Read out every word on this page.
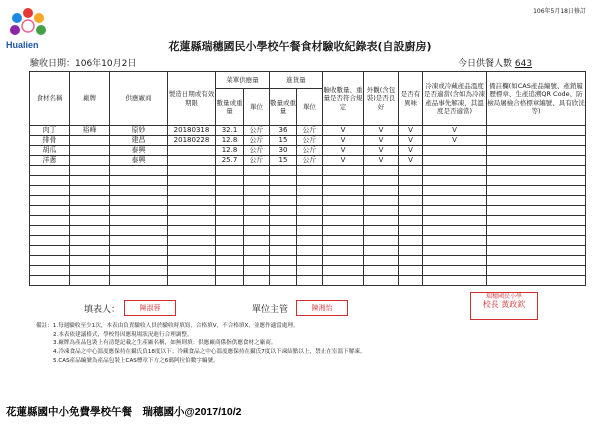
Hualien
106年5月18日修訂
花蓮縣瑞穗國民小學校午餐食材驗收紀錄表(自設廚房)
驗收日期：106年10月2日	今日供餐人數 643
食材名稱	廠牌	供應廠商	製造日期或有效期限	菜單供應量		進貨量		驗收數量、重量是否符合規定	外觀(含包裝)是否良好	是否有異味	冷凍或冷藏產品溫度是否適當(含如為冷凍產品事先解凍，其溫度是否適當)	備註欄(如CAS產品編號、產銷履歷標章、生產追溯QR Code、防檢局屠檢合格標章編號、具有欣洸等)
				數量或重量	單位	數量或重量	單位					
肉丁	裕峰	原妙	20180318	32.1	公斤	36	公斤	V	V	V	V	
排骨		建昌	20180228	12.8	公斤	15	公斤	V	V	V	V	
胡瓜		泰興		12.8	公斤	30	公斤	V	V	V		
洋蔥		泰興		25.7	公斤	15	公斤	V	V	V		

填表人：	陳淑蓉	單位主管	陳湘怡
瑞穗國民小學
校長 黃政欽
備註：1.每週驗收至少1次，本表由負責驗收人員於驗收時填寫，合格填V，不合格填X，並應作適當處理。
2.本表依建議格式，學校得因應現場狀況進行合理調整。
3.廠牌為產品包裝上有清楚記載之生產廠名稱，如無則填：供應廠商係指供應食材之廠商。
4.冷凍食品之中心溫度應保持在攝氏負18度以下；冷藏食品之中心溫度應保持在攝氏7度以下凍結點以上，禁止在室溫下解凍。
5.CAS產品編號為產品包裝上CAS標章下方之6碼阿拉伯數字編號。
花蓮縣國中小免費學校午餐　瑞穗國小@2017/10/2
